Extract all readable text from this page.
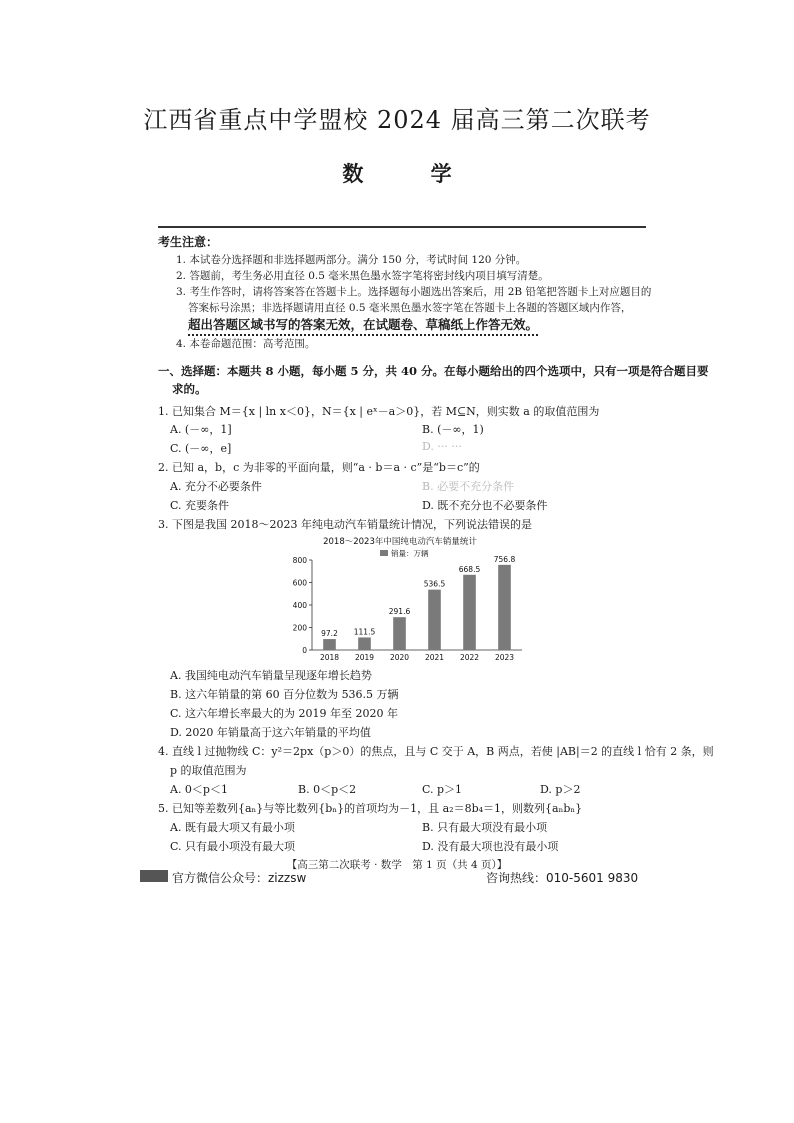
江西省重点中学盟校 2024 届高三第二次联考
数 学
考生注意：
1. 本试卷分选择题和非选择题两部分。满分 150 分，考试时间 120 分钟。
2. 答题前，考生务必用直径 0.5 毫米黑色墨水签字笔将密封线内项目填写清楚。
3. 考生作答时，请将答案答在答题卡上。选择题每小题选出答案后，用 2B 铅笔把答题卡上对应题目的
答案标号涂黑；非选择题请用直径 0.5 毫米黑色墨水签字笔在答题卡上各题的答题区域内作答，
超出答题区域书写的答案无效，在试题卷、草稿纸上作答无效。
4. 本卷命题范围：高考范围。
一、选择题：本题共 8 小题，每小题 5 分，共 40 分。在每小题给出的四个选项中，只有一项是符合题目要
求的。
1. 已知集合 M＝{x | ln x＜0}，N＝{x | eˣ－a＞0}，若 M⊆N，则实数 a 的取值范围为
A. (－∞，1]	B. (－∞，1)
C. (－∞，e]	D. ··· ···
2. 已知 a，b，c 为非零的平面向量，则“a · b＝a · c”是“b＝c”的
A. 充分不必要条件	B. 必要不充分条件
C. 充要条件	D. 既不充分也不必要条件
3. 下图是我国 2018～2023 年纯电动汽车销量统计情况，下列说法错误的是
2018～2023年中国纯电动汽车销量统计
销量：万辆
0
200
400
600
800
97.2
2018
111.5
2019
291.6
2020
536.5
2021
668.5
2022
756.8
2023
A. 我国纯电动汽车销量呈现逐年增长趋势
B. 这六年销量的第 60 百分位数为 536.5 万辆
C. 这六年增长率最大的为 2019 年至 2020 年
D. 2020 年销量高于这六年销量的平均值
4. 直线 l 过抛物线 C：y²＝2px（p＞0）的焦点，且与 C 交于 A，B 两点，若使 |AB|＝2 的直线 l 恰有 2 条，则
p 的取值范围为
A. 0＜p＜1	B. 0＜p＜2	C. p＞1	D. p＞2
5. 已知等差数列{aₙ}与等比数列{bₙ}的首项均为－1，且 a₂＝8b₄＝1，则数列{aₙbₙ}
A. 既有最大项又有最小项	B. 只有最大项没有最小项
C. 只有最小项没有最大项	D. 没有最大项也没有最小项
【高三第二次联考 · 数学　第 1 页（共 4 页）】
官方微信公众号：zizzsw	咨询热线：010-5601 9830
